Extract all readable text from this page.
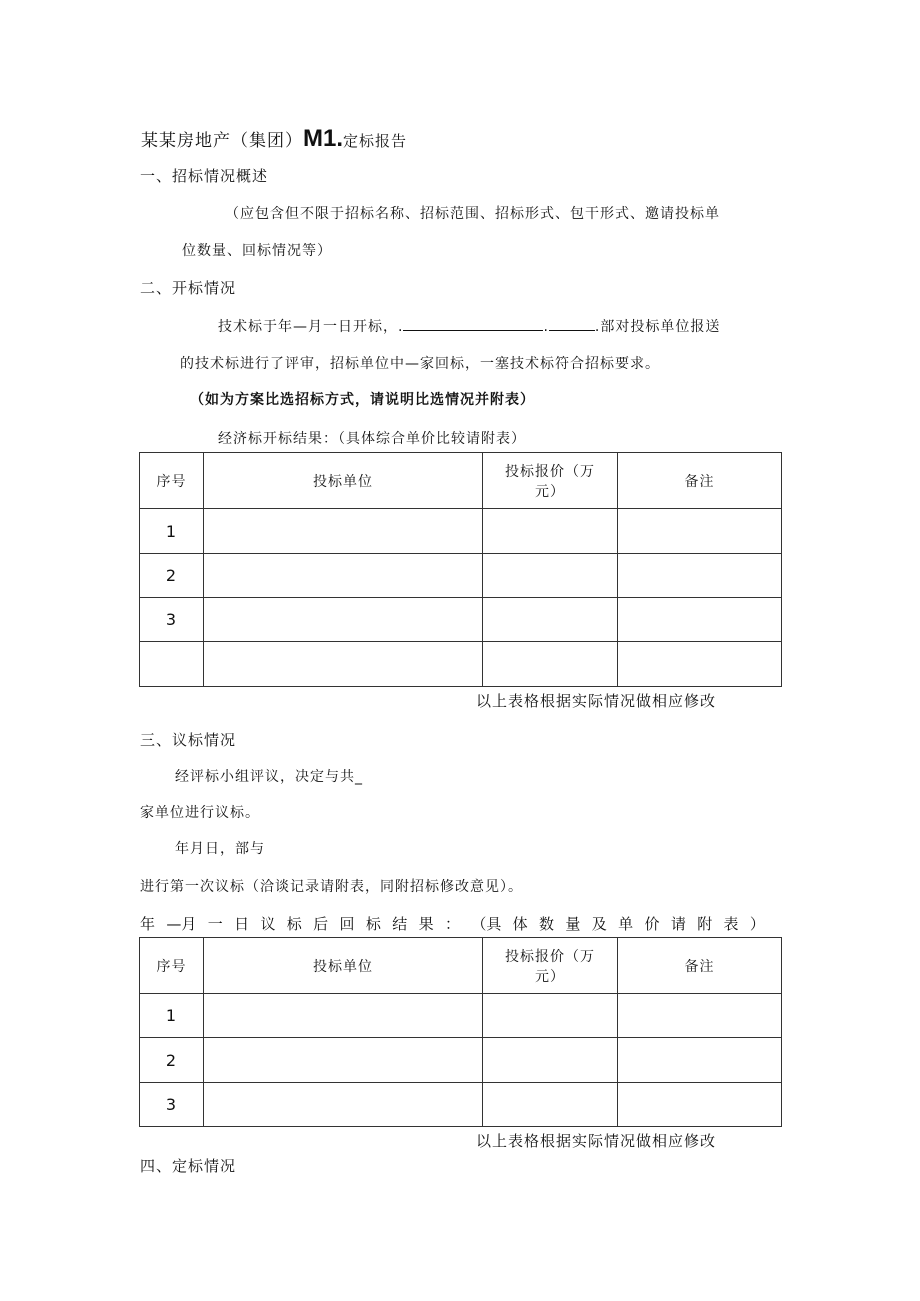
某某房地产（集团）M1.定标报告
一、招标情况概述
（应包含但不限于招标名称、招标范围、招标形式、包干形式、邀请投标单
位数量、回标情况等）
二、开标情况
技术标于年—月一日开标，.	.	.部对投标单位报送
的技术标进行了评审，招标单位中—家回标，一塞技术标符合招标要求。
（如为方案比选招标方式，请说明比选情况并附表）
经济标开标结果：（具体综合单价比较请附表）
序号	投标单位	投标报价（万
元）	备注
1			
2			
3			

以上表格根据实际情况做相应修改
三、议标情况
经评标小组评议，决定与共_
家单位进行议标。
年月日，部与
进行第一次议标（洽谈记录请附表，同附招标修改意见）。
年 —月 一 日 议 标 后 回 标 结 果 ： （具 体 数 量 及 单 价 请 附 表 ）
序号	投标单位	投标报价（万
元）	备注
1			
2			
3			
以上表格根据实际情况做相应修改
四、定标情况
